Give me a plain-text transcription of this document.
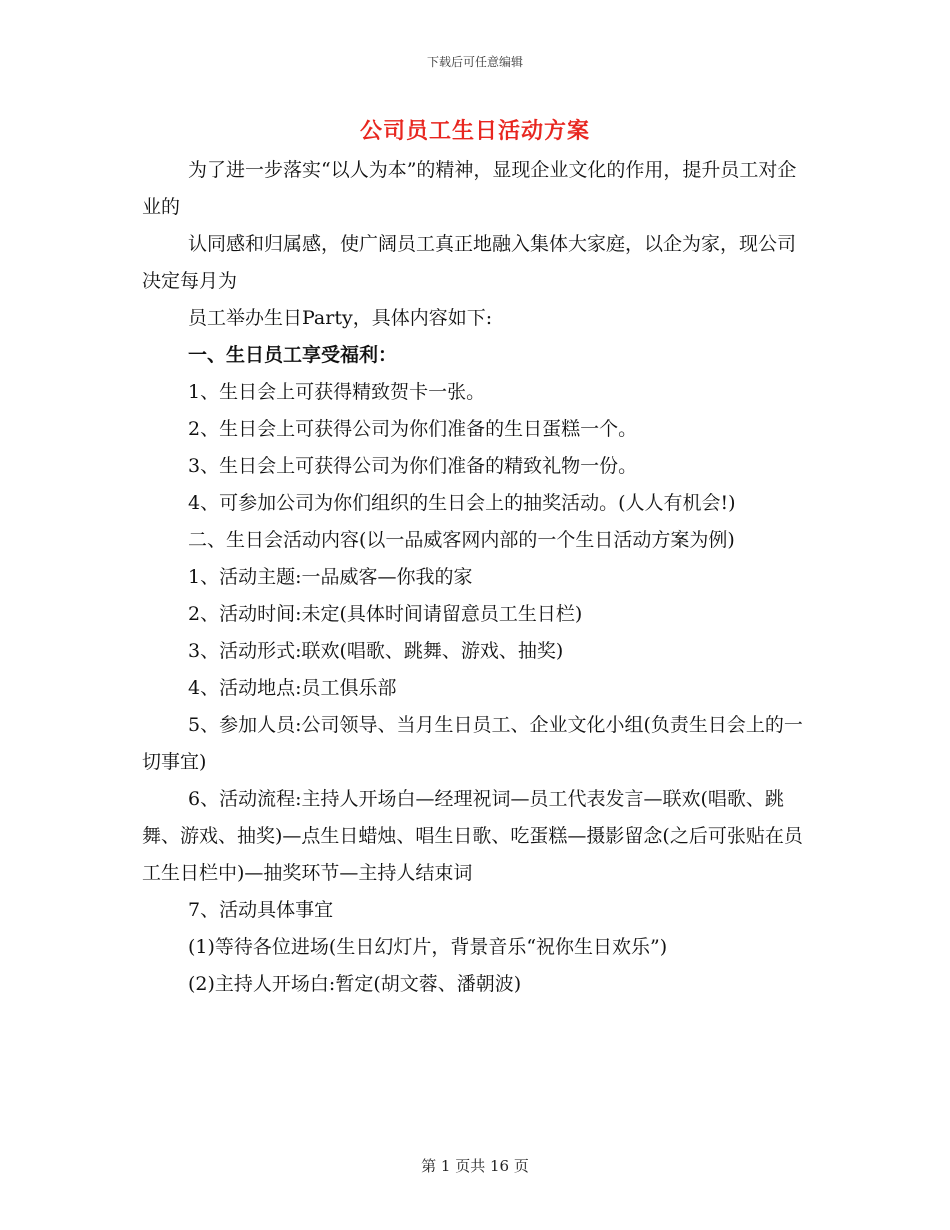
下载后可任意编辑
公司员工生日活动方案

为了进一步落实“以人为本”的精神，显现企业文化的作用，提升员工对企业的

认同感和归属感，使广阔员工真正地融入集体大家庭，以企为家，现公司决定每月为

员工举办生日Party，具体内容如下:

一、生日员工享受福利：

1、生日会上可获得精致贺卡一张。

2、生日会上可获得公司为你们准备的生日蛋糕一个。

3、生日会上可获得公司为你们准备的精致礼物一份。

4、可参加公司为你们组织的生日会上的抽奖活动。(人人有机会!)

二、生日会活动内容(以一品威客网内部的一个生日活动方案为例)

1、活动主题:一品威客—你我的家

2、活动时间:未定(具体时间请留意员工生日栏)

3、活动形式:联欢(唱歌、跳舞、游戏、抽奖)

4、活动地点:员工俱乐部

5、参加人员:公司领导、当月生日员工、企业文化小组(负责生日会上的一切事宜)

6、活动流程:主持人开场白—经理祝词—员工代表发言—联欢(唱歌、跳舞、游戏、抽奖)—点生日蜡烛、唱生日歌、吃蛋糕—摄影留念(之后可张贴在员工生日栏中)—抽奖环节—主持人结束词

7、活动具体事宜

(1)等待各位进场(生日幻灯片，背景音乐“祝你生日欢乐”)

(2)主持人开场白:暂定(胡文蓉、潘朝波)

第 1 页共 16 页
